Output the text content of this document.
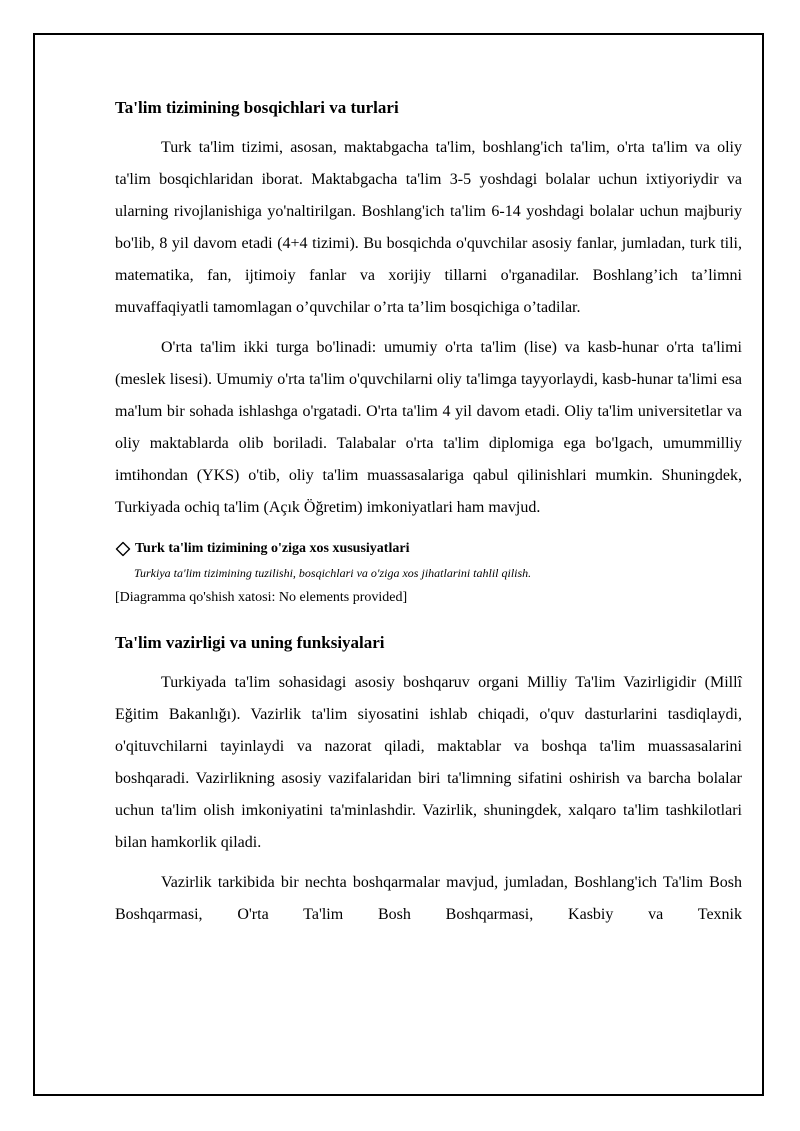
Ta'lim tizimining bosqichlari va turlari

Turk ta'lim tizimi, asosan, maktabgacha ta'lim, boshlang'ich ta'lim, o'rta ta'lim va oliy ta'lim bosqichlaridan iborat. Maktabgacha ta'lim 3-5 yoshdagi bolalar uchun ixtiyoriydir va ularning rivojlanishiga yo'naltirilgan. Boshlang'ich ta'lim 6-14 yoshdagi bolalar uchun majburiy bo'lib, 8 yil davom etadi (4+4 tizimi). Bu bosqichda o'quvchilar asosiy fanlar, jumladan, turk tili, matematika, fan, ijtimoiy fanlar va xorijiy tillarni o'rganadilar. Boshlang’ich ta’limni muvaffaqiyatli tamomlagan o’quvchilar o’rta ta’lim bosqichiga o’tadilar.

O'rta ta'lim ikki turga bo'linadi: umumiy o'rta ta'lim (lise) va kasb-hunar o'rta ta'limi (meslek lisesi). Umumiy o'rta ta'lim o'quvchilarni oliy ta'limga tayyorlaydi, kasb-hunar ta'limi esa ma'lum bir sohada ishlashga o'rgatadi. O'rta ta'lim 4 yil davom etadi. Oliy ta'lim universitetlar va oliy maktablarda olib boriladi. Talabalar o'rta ta'lim diplomiga ega bo'lgach, umummilliy imtihondan (YKS) o'tib, oliy ta'lim muassasalariga qabul qilinishlari mumkin. Shuningdek, Turkiyada ochiq ta'lim (Açık Öğretim) imkoniyatlari ham mavjud.

Turk ta'lim tizimining o'ziga xos xususiyatlari
Turkiya ta'lim tizimining tuzilishi, bosqichlari va o'ziga xos jihatlarini tahlil qilish.
[Diagramma qo'shish xatosi: No elements provided]
Ta'lim vazirligi va uning funksiyalari

Turkiyada ta'lim sohasidagi asosiy boshqaruv organi Milliy Ta'lim Vazirligidir (Millî Eğitim Bakanlığı). Vazirlik ta'lim siyosatini ishlab chiqadi, o'quv dasturlarini tasdiqlaydi, o'qituvchilarni tayinlaydi va nazorat qiladi, maktablar va boshqa ta'lim muassasalarini boshqaradi. Vazirlikning asosiy vazifalaridan biri ta'limning sifatini oshirish va barcha bolalar uchun ta'lim olish imkoniyatini ta'minlashdir. Vazirlik, shuningdek, xalqaro ta'lim tashkilotlari bilan hamkorlik qiladi.

Vazirlik tarkibida bir nechta boshqarmalar mavjud, jumladan, Boshlang'ich Ta'lim Bosh Boshqarmasi, O'rta Ta'lim Bosh Boshqarmasi, Kasbiy va Texnik
